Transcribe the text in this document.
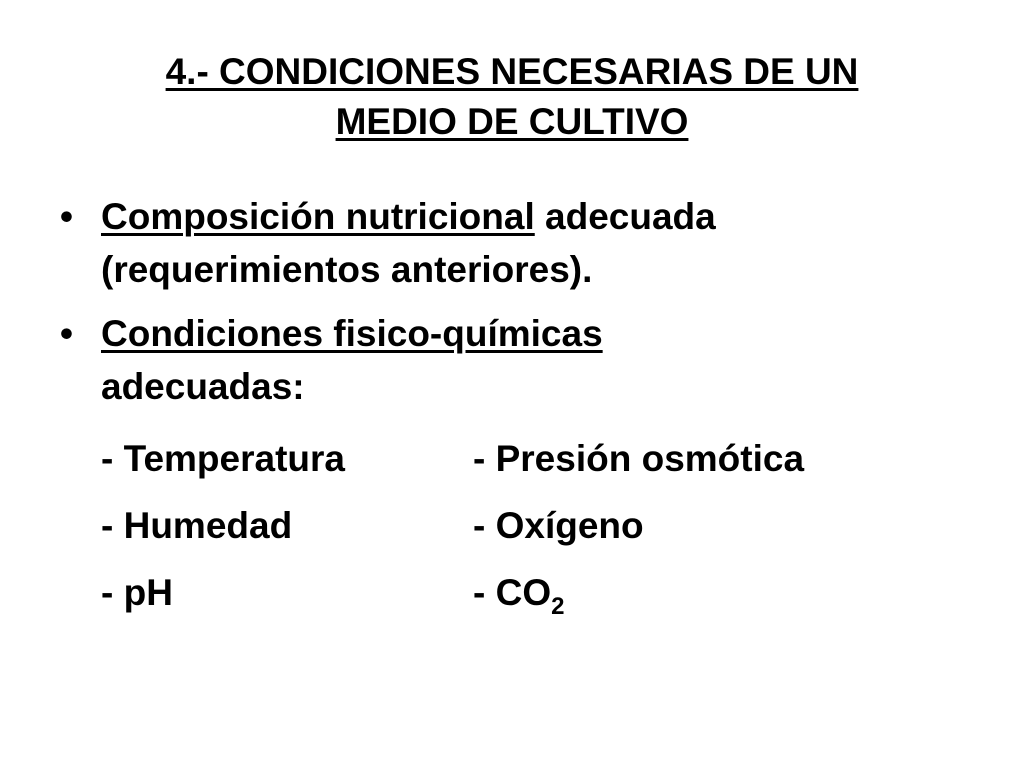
4.- CONDICIONES NECESARIAS DE UN
MEDIO DE CULTIVO
• Composición nutricional adecuada
(requerimientos anteriores).
• Condiciones fisico-químicas
adecuadas:
- Temperatura	- Presión osmótica
- Humedad	- Oxígeno
- pH	- $CO_2$
